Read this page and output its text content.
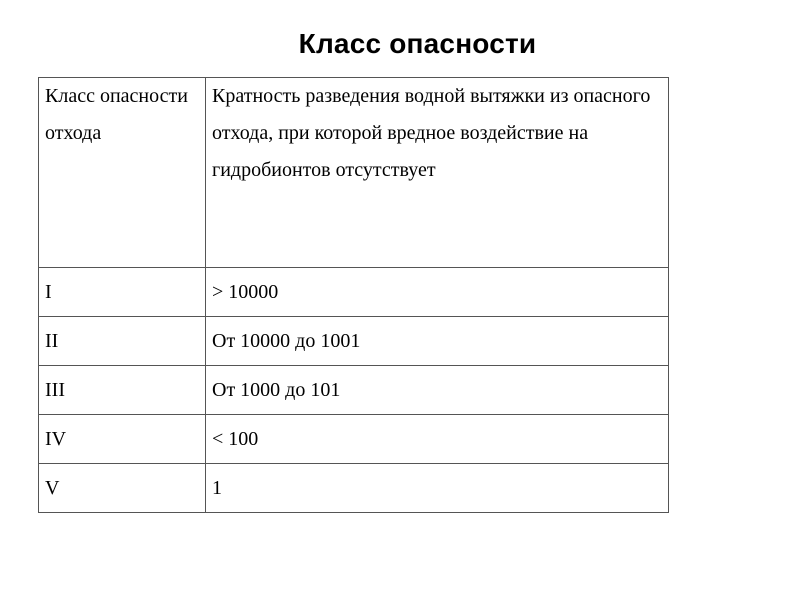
Класс опасности
Класс опасности отхода	Кратность разведения водной вытяжки из опасного отхода, при которой вредное воздействие на гидробионтов отсутствует
I	> 10000
II	От 10000 до 1001
III	От 1000 до 101
IV	< 100
V	1
